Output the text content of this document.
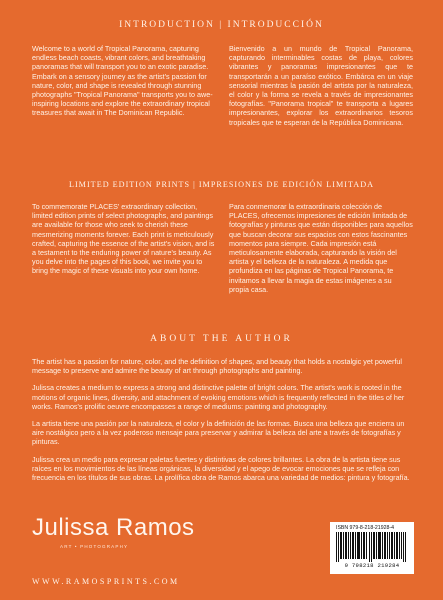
INTRODUCTION | INTRODUCCIÓN

Welcome to a world of Tropical Panorama, capturing endless beach coasts, vibrant colors, and breathtaking panoramas that will transport you to an exotic paradise. Embark on a sensory journey as the artist's passion for nature, color, and shape is revealed through stunning photographs "Tropical Panorama" transports you to awe-inspiring locations and explore the extraordinary tropical treasures that await in The Dominican Republic.

Bienvenido a un mundo de Tropical Panorama, capturando interminables costas de playa, colores vibrantes y panoramas impresionantes que te transportarán a un paraíso exótico. Embárca en un viaje sensorial mientras la pasión del artista por la naturaleza, el color y la forma se revela a través de impresionantes fotografías. "Panorama tropical" te transporta a lugares impresionantes, explorar los extraordinarios tesoros tropicales que te esperan de la República Dominicana.

LIMITED EDITION PRINTS | IMPRESIONES DE EDICIÓN LIMITADA

To commemorate PLACES' extraordinary collection, limited edition prints of select photographs, and paintings are available for those who seek to cherish these mesmerizing moments forever. Each print is meticulously crafted, capturing the essence of the artist's vision, and is a testament to the enduring power of nature's beauty. As you delve into the pages of this book, we invite you to bring the magic of these visuals into your own home.

Para conmemorar la extraordinaria colección de PLACES, ofrecemos impresiones de edición limitada de fotografías y pinturas que están disponibles para aquellos que buscan decorar sus espacios con estos fascinantes momentos para siempre. Cada impresión está meticulosamente elaborada, capturando la visión del artista y el belleza de la naturaleza. A medida que profundiza en las páginas de Tropical Panorama, te invitamos a llevar la magia de estas imágenes a su propia casa.

ABOUT THE AUTHOR

The artist has a passion for nature, color, and the definition of shapes, and beauty that holds a nostalgic yet powerful message to preserve and admire the beauty of art through photographs and painting.

Julissa creates a medium to express a strong and distinctive palette of bright colors. The artist's work is rooted in the motions of organic lines, diversity, and attachment of evoking emotions which is frequently reflected in the titles of her works. Ramos's prolific oeuvre encompasses a range of mediums: painting and photography.

La artista tiene una pasión por la naturaleza, el color y la definición de las formas. Busca una belleza que encierra un aire nostálgico pero a la vez poderoso mensaje para preservar y admirar la belleza del arte a través de fotografías y pinturas.

Julissa crea un medio para expresar paletas fuertes y distintivas de colores brillantes. La obra de la artista tiene sus raíces en los movimientos de las líneas orgánicas, la diversidad y el apego de evocar emociones que se refleja con frecuencia en los títulos de sus obras. La prolífica obra de Ramos abarca una variedad de medios: pintura y fotografía.

Julissa Ramos
ART • PHOTOGRAPHY
WWW.RAMOSPRINTS.COM
ISBN 979-8-218-21928-4
9 798218 219284
